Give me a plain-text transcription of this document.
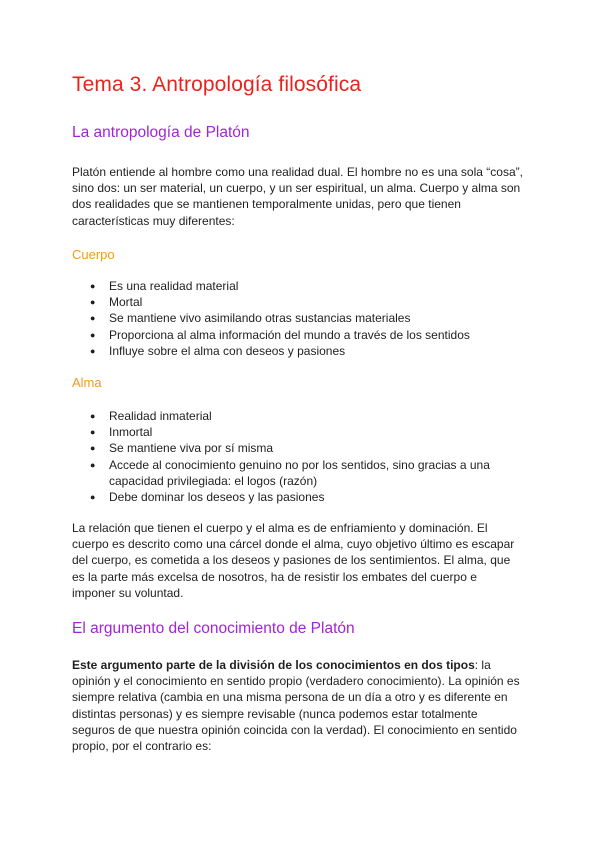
Tema 3. Antropología filosófica
La antropología de Platón

Platón entiende al hombre como una realidad dual. El hombre no es una sola “cosa”,
sino dos: un ser material, un cuerpo, y un ser espiritual, un alma. Cuerpo y alma son
dos realidades que se mantienen temporalmente unidas, pero que tienen
características muy diferentes:

Cuerpo
● Es una realidad material
● Mortal
● Se mantiene vivo asimilando otras sustancias materiales
● Proporciona al alma información del mundo a través de los sentidos
● Influye sobre el alma con deseos y pasiones
Alma
● Realidad inmaterial
● Inmortal
● Se mantiene viva por sí misma
● Accede al conocimiento genuino no por los sentidos, sino gracias a una
capacidad privilegiada: el logos (razón)
● Debe dominar los deseos y las pasiones

La relación que tienen el cuerpo y el alma es de enfriamiento y dominación. El
cuerpo es descrito como una cárcel donde el alma, cuyo objetivo último es escapar
del cuerpo, es cometida a los deseos y pasiones de los sentimientos. El alma, que
es la parte más excelsa de nosotros, ha de resistir los embates del cuerpo e
imponer su voluntad.

El argumento del conocimiento de Platón

Este argumento parte de la división de los conocimientos en dos tipos: la
opinión y el conocimiento en sentido propio (verdadero conocimiento). La opinión es
siempre relativa (cambia en una misma persona de un día a otro y es diferente en
distintas personas) y es siempre revisable (nunca podemos estar totalmente
seguros de que nuestra opinión coincida con la verdad). El conocimiento en sentido
propio, por el contrario es:
